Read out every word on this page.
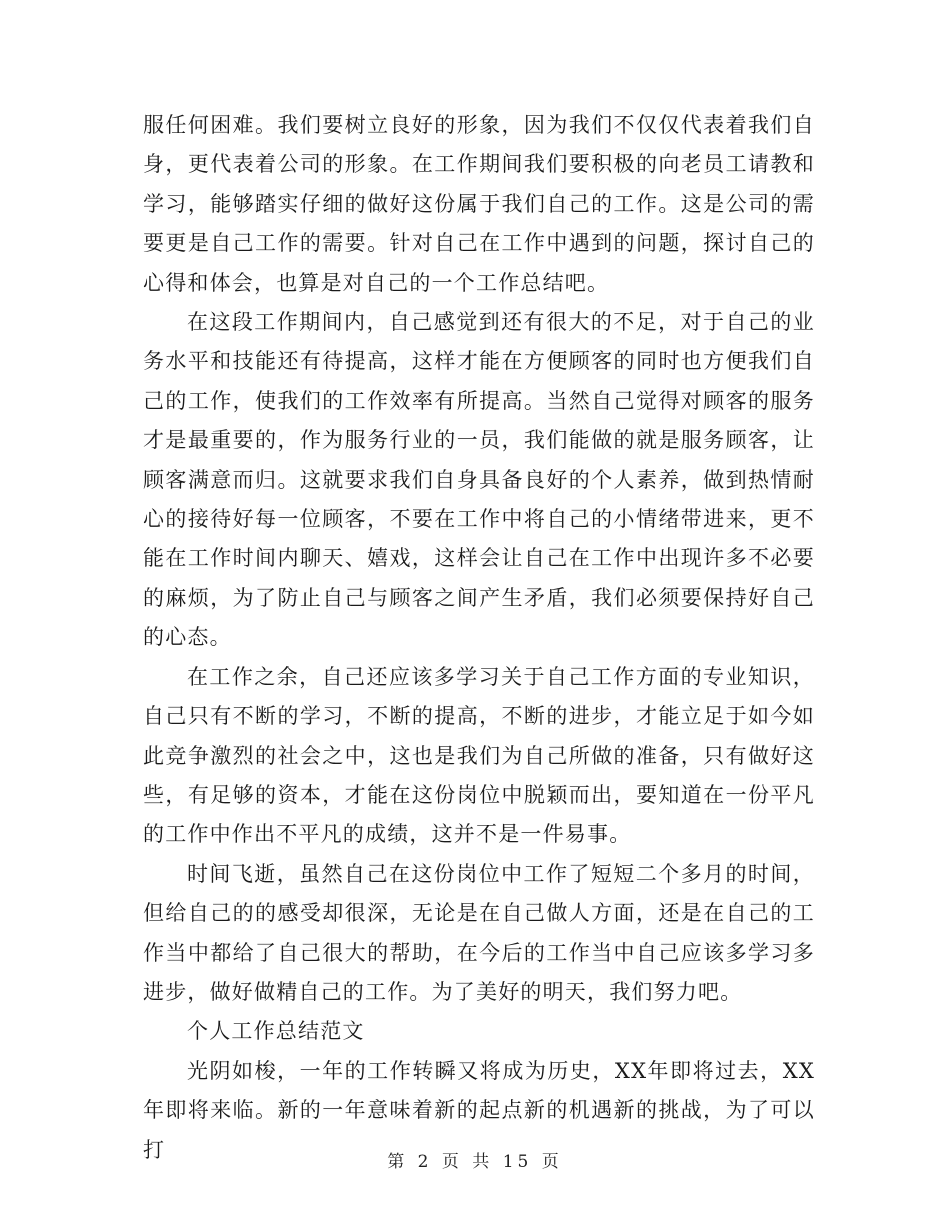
服任何困难。我们要树立良好的形象，因为我们不仅仅代表着我们自身，更代表着公司的形象。在工作期间我们要积极的向老员工请教和学习，能够踏实仔细的做好这份属于我们自己的工作。这是公司的需要更是自己工作的需要。针对自己在工作中遇到的问题，探讨自己的心得和体会，也算是对自己的一个工作总结吧。

在这段工作期间内，自己感觉到还有很大的不足，对于自己的业务水平和技能还有待提高，这样才能在方便顾客的同时也方便我们自己的工作，使我们的工作效率有所提高。当然自己觉得对顾客的服务才是最重要的，作为服务行业的一员，我们能做的就是服务顾客，让顾客满意而归。这就要求我们自身具备良好的个人素养，做到热情耐心的接待好每一位顾客，不要在工作中将自己的小情绪带进来，更不能在工作时间内聊天、嬉戏，这样会让自己在工作中出现许多不必要的麻烦，为了防止自己与顾客之间产生矛盾，我们必须要保持好自己的心态。

在工作之余，自己还应该多学习关于自己工作方面的专业知识，自己只有不断的学习，不断的提高，不断的进步，才能立足于如今如此竞争激烈的社会之中，这也是我们为自己所做的准备，只有做好这些，有足够的资本，才能在这份岗位中脱颖而出，要知道在一份平凡的工作中作出不平凡的成绩，这并不是一件易事。

时间飞逝，虽然自己在这份岗位中工作了短短二个多月的时间，但给自己的的感受却很深，无论是在自己做人方面，还是在自己的工作当中都给了自己很大的帮助，在今后的工作当中自己应该多学习多进步，做好做精自己的工作。为了美好的明天，我们努力吧。

个人工作总结范文

光阴如梭，一年的工作转瞬又将成为历史，XX年即将过去，XX年即将来临。新的一年意味着新的起点新的机遇新的挑战，为了可以打

第 2 页 共 15 页
